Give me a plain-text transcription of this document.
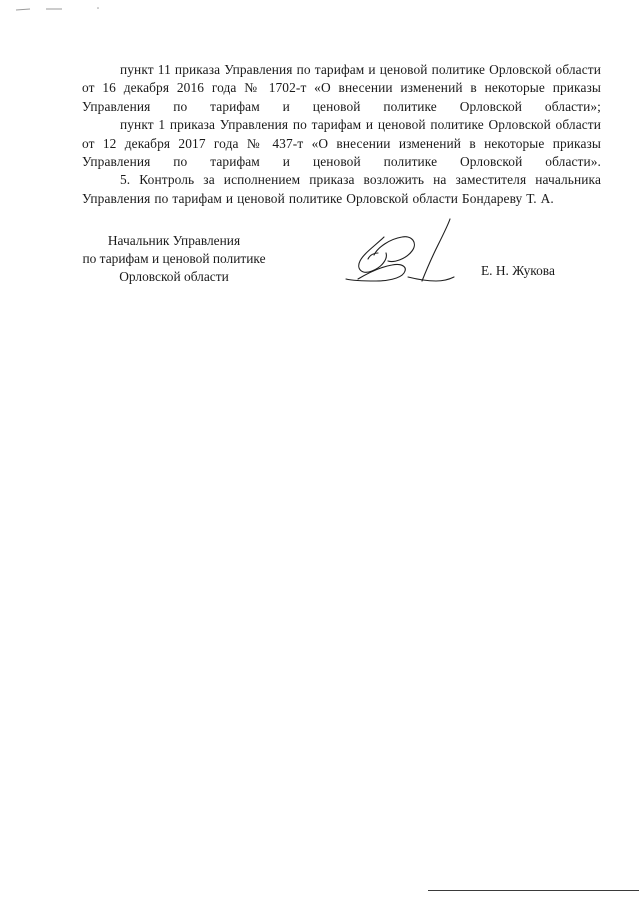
пункт 11 приказа Управления по тарифам и ценовой политике Орловской области от 16 декабря 2016 года № 1702-т «О внесении изменений в некоторые приказы Управления по тарифам и ценовой политике Орловской области»;

пункт 1 приказа Управления по тарифам и ценовой политике Орловской области от 12 декабря 2017 года № 437-т «О внесении изменений в некоторые приказы Управления по тарифам и ценовой политике Орловской области».

5. Контроль за исполнением приказа возложить на заместителя начальника Управления по тарифам и ценовой политике Орловской области Бондареву Т. А.

Начальник Управления
по тарифам и ценовой политике
Орловской области	Е. Н. Жукова
